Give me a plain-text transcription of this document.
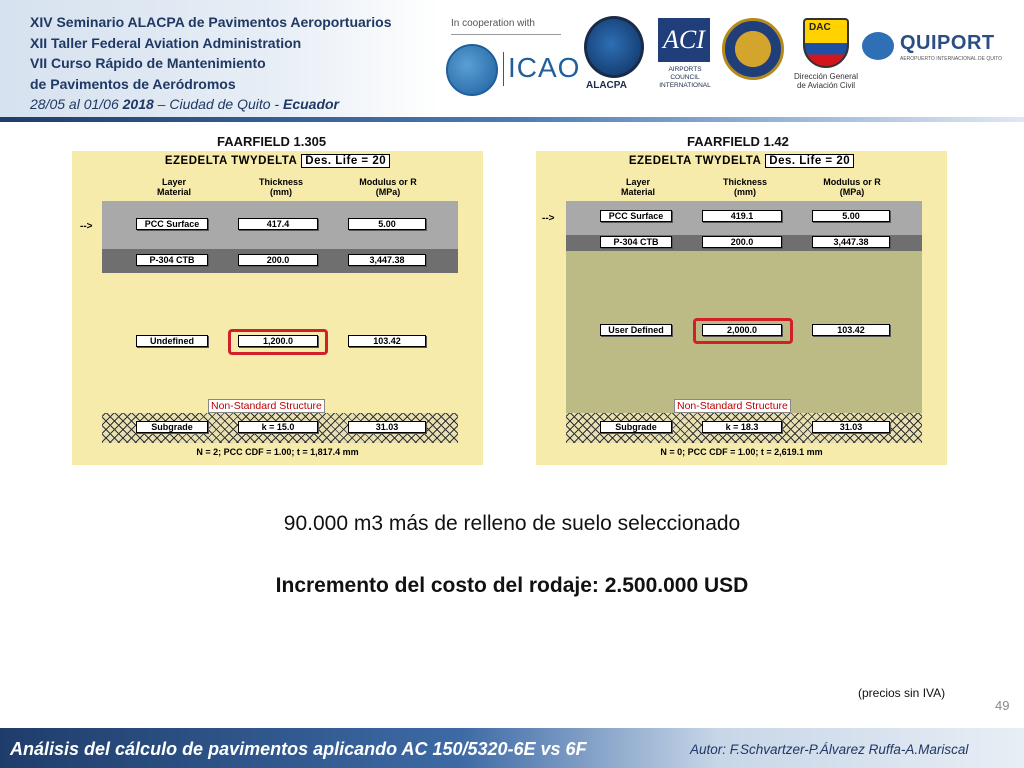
XIV Seminario ALACPA de Pavimentos Aeroportuarios
XII Taller Federal Aviation Administration
VII Curso Rápido de Mantenimiento
de Pavimentos de Aeródromos
28/05 al 01/06 2018 – Ciudad de Quito - Ecuador
In cooperation with
ICAO
ALACPA
ACI
AIRPORTS COUNCIL INTERNATIONAL
DAC
Dirección General de Aviación Civil
QUIPORT
AEROPUERTO INTERNACIONAL DE QUITO
FAARFIELD 1.305
EZEDELTA TWYDELTA Des. Life = 20
Layer
Material
Thickness
(mm)
Modulus or R
(MPa)
-->	PCC Surface	417.4	5.00
P-304 CTB	200.0	3,447.38
Undefined	1,200.0	103.42
Non-Standard Structure
Subgrade	k = 15.0	31.03
N = 2; PCC CDF = 1.00; t = 1,817.4 mm
FAARFIELD 1.42
EZEDELTA TWYDELTA Des. Life = 20
Layer
Material
Thickness
(mm)
Modulus or R
(MPa)
-->	PCC Surface	419.1	5.00
P-304 CTB	200.0	3,447.38
User Defined	2,000.0	103.42
Non-Standard Structure
Subgrade	k = 18.3	31.03
N = 0; PCC CDF = 1.00; t = 2,619.1 mm
90.000 m3 más de relleno de suelo seleccionado
Incremento del costo del rodaje: 2.500.000 USD
(precios sin IVA)
49
Análisis del cálculo de pavimentos aplicando AC 150/5320-6E vs 6F	Autor: F.Schvartzer-P.Álvarez Ruffa-A.Mariscal
